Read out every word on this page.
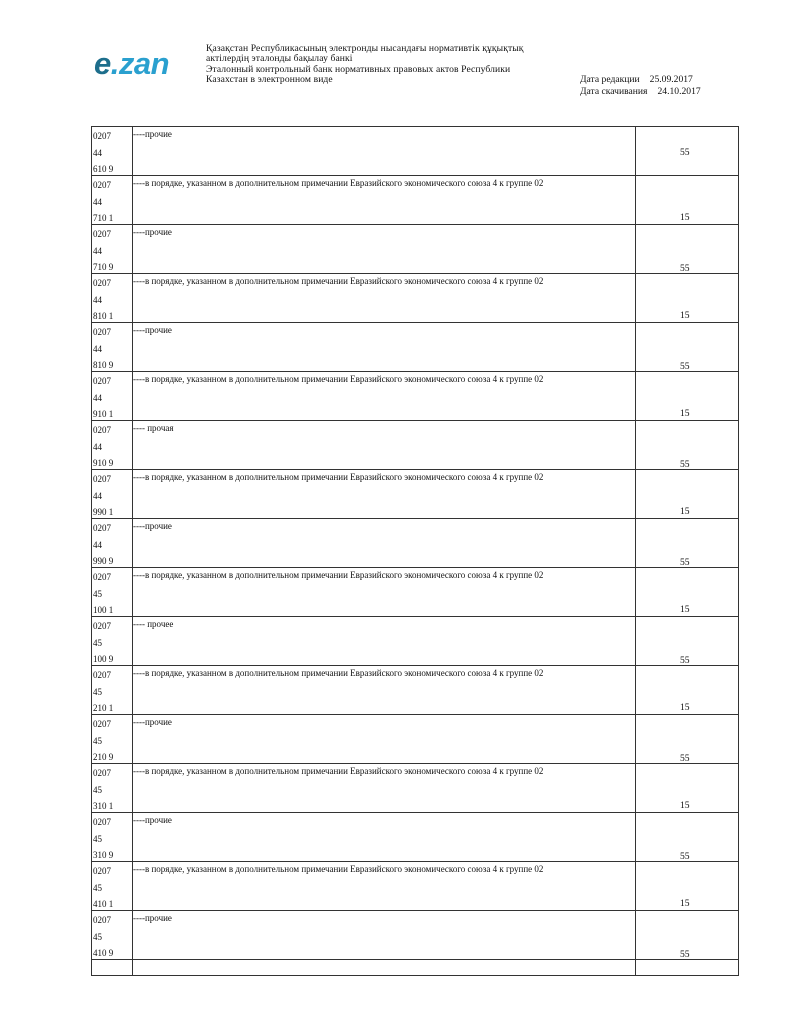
e.zan	Қазақстан Республикасының электронды нысандағы нормативтік құқықтық
актілердің эталонды бақылау банкі
Эталонный контрольный банк нормативных правовых актов Республики
Казахстан в электронном виде	Дата редакции 25.09.2017
Дата скачивания 24.10.2017
0207
44
610 9
----прочие
55
0207
44
710 1
----в порядке, указанном в дополнительном примечании Евразийского экономического союза 4 к группе 02
15
0207
44
710 9
----прочие
55
0207
44
810 1
----в порядке, указанном в дополнительном примечании Евразийского экономического союза 4 к группе 02
15
0207
44
810 9
----прочие
55
0207
44
910 1
----в порядке, указанном в дополнительном примечании Евразийского экономического союза 4 к группе 02
15
0207
44
910 9
---- прочая
55
0207
44
990 1
----в порядке, указанном в дополнительном примечании Евразийского экономического союза 4 к группе 02
15
0207
44
990 9
----прочие
55
0207
45
100 1
----в порядке, указанном в дополнительном примечании Евразийского экономического союза 4 к группе 02
15
0207
45
100 9
---- прочее
55
0207
45
210 1
----в порядке, указанном в дополнительном примечании Евразийского экономического союза 4 к группе 02
15
0207
45
210 9
----прочие
55
0207
45
310 1
----в порядке, указанном в дополнительном примечании Евразийского экономического союза 4 к группе 02
15
0207
45
310 9
----прочие
55
0207
45
410 1
----в порядке, указанном в дополнительном примечании Евразийского экономического союза 4 к группе 02
15
0207
45
410 9
----прочие
55
